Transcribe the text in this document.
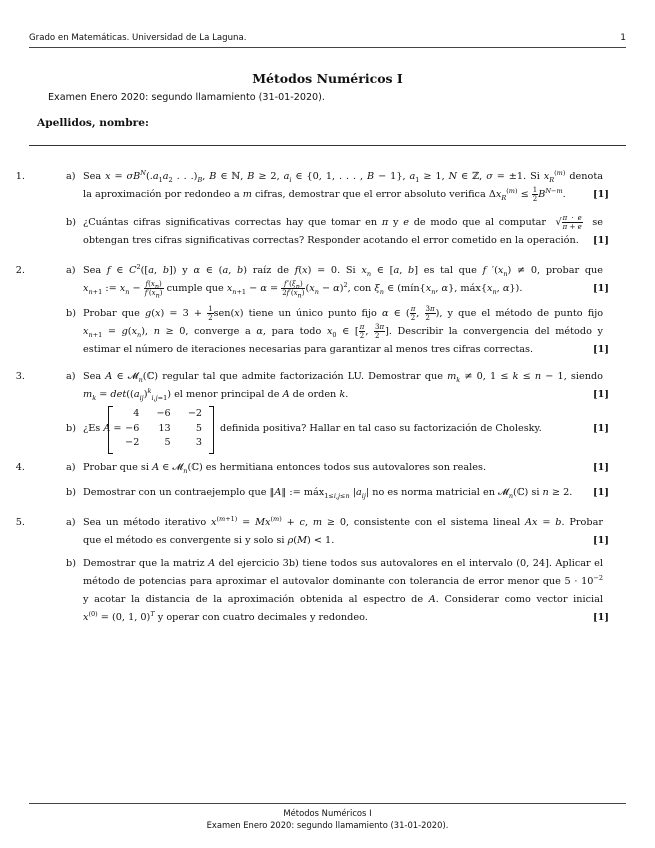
Grado en Matemáticas. Universidad de La Laguna.	1
Métodos Numéricos I
Examen Enero 2020: segundo llamamiento (31-01-2020).
Apellidos, nombre:
1.	a) Sea $x = \sigma B^N(.a_1a_2$ . . $.)_B$, B ∈ ℕ, B ≥ 2, $a_i$ ∈ {0, 1, . . . , B − 1}, $a_1 \ge 1$, N ∈ ℤ, σ = ±1. Si $x_R^{(m)}$ denota
la aproximación por redondeo a m cifras, demostrar que el error absoluto verifica $\Delta x_R^{(m)} \le \frac{1}{2} B^{N-m}$.	[1]
b) ¿Cuántas cifras significativas correctas hay que tomar en π y e de modo que al computar  √ $\frac{\pi \cdot e}{\pi + e}$ se
obtengan tres cifras significativas correctas? Responder acotando el error cometido en la operación.	[1]
2.	a) Sea f ∈ $C^2([a$, b]) y α ∈ (a, b) raíz de f(x) = 0. Si $x_n$ ∈ [a, b] es tal que f $'(x_n) \ne 0$, probar que
$x_{n+1}$ := $x_n - \frac{f(x_n)}{f'(x_n)}$ cumple que $x_{n+1} - \alpha = \frac{f''(\xi_n)}{2f'(x_n)} (x_n - \alpha)^2$, con $\xi_n$ ∈ ($mín\{x_n$, α}, $máx\{x_n$, α}).	[1]
b) Probar que $g(x) = 3 + \frac{1}{2} sen(x)$ tiene un único punto fijo α ∈ ( $\frac{\pi}{2}$ , $\frac{3\pi}{2}$ ), y que el método de punto fijo
$x_{n+1} = g(x_n)$, n ≥ 0, converge a α, para todo $x_0$ ∈ [ $\frac{\pi}{2}$ , $\frac{3\pi}{2}$ ]. Describir la convergencia del método y
estimar el número de iteraciones necesarias para garantizar al menos tres cifras correctas.	[1]
3.	a) Sea A ∈ 𝓜$_n$(ℂ) regular tal que admite factorización LU. Demostrar que $m_k \ne 0$, 1 ≤ k ≤ n − 1, siendo
$m_k = \det((a_{ij})^k_{i,j=1})$ el menor principal de A de orden k.	[1]
b) ¿Es A =	definida positiva? Hallar en tal caso su factorización de Cholesky.	[1]
4	−6	−2
−6	13	5
−2	5	3
4.	a) Probar que si A ∈ 𝓜$_n$(ℂ) es hermitiana entonces todos sus autovalores son reales.	[1]
b) Demostrar con un contraejemplo que ‖A‖ := máx$_{1\le i,j\le n}$ $|a_{ij}|$ no es norma matricial en 𝓜$_n$(ℂ) si n ≥ 2.	[1]
5.	a) Sea un método iterativo $x^{(m+1)} = Mx^{(m)} + c$, m ≥ 0, consistente con el sistema lineal Ax = b. Probar
que el método es convergente si y solo si ρ(M) < 1.	[1]
b) Demostrar que la matriz A del ejercicio 3b) tiene todos sus autovalores en el intervalo (0, 24]. Aplicar el
método de potencias para aproximar el autovalor dominante con tolerancia de error menor que $5 \cdot 10^{-2}$
y acotar la distancia de la aproximación obtenida al espectro de A. Considerar como vector inicial
$x^{(0)} = (0$, 1, 0)$^T$ y operar con cuatro decimales y redondeo.	[1]
Métodos Numéricos I
Examen Enero 2020: segundo llamamiento (31-01-2020).
